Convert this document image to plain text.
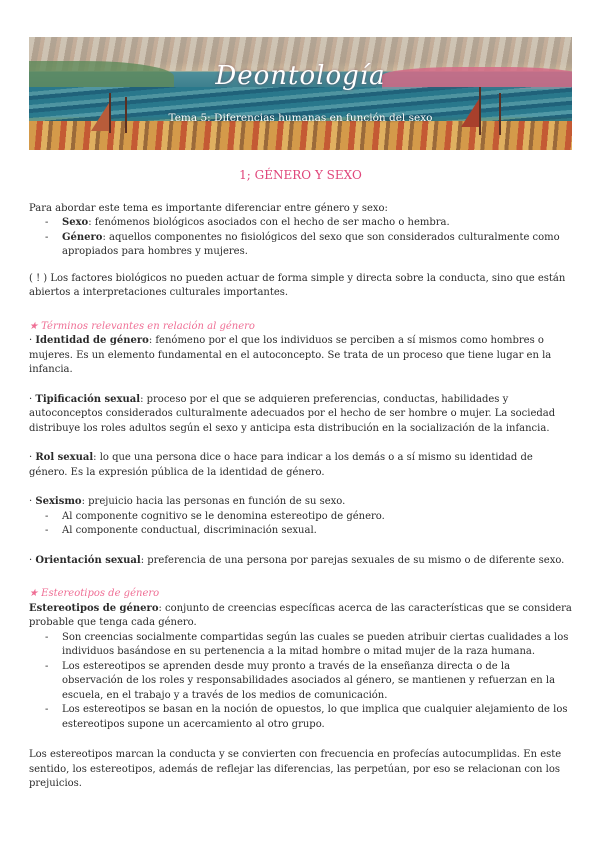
Deontología
Tema 5: Diferencias humanas en función del sexo
1; GÉNERO Y SEXO

Para abordar este tema es importante diferenciar entre género y sexo:

- Sexo: fenómenos biológicos asociados con el hecho de ser macho o hembra.
- Género: aquellos componentes no fisiológicos del sexo que son considerados culturalmente como apropiados para hombres y mujeres.

( ! ) Los factores biológicos no pueden actuar de forma simple y directa sobre la conducta, sino que están abiertos a interpretaciones culturales importantes.

★ Términos relevantes en relación al género

· Identidad de género: fenómeno por el que los individuos se perciben a sí mismos como hombres o mujeres. Es un elemento fundamental en el autoconcepto. Se trata de un proceso que tiene lugar en la infancia.

· Tipificación sexual: proceso por el que se adquieren preferencias, conductas, habilidades y autoconceptos considerados culturalmente adecuados por el hecho de ser hombre o mujer. La sociedad distribuye los roles adultos según el sexo y anticipa esta distribución en la socialización de la infancia.

· Rol sexual: lo que una persona dice o hace para indicar a los demás o a sí mismo su identidad de género. Es la expresión pública de la identidad de género.

· Sexismo: prejuicio hacia las personas en función de su sexo.

- Al componente cognitivo se le denomina estereotipo de género.
- Al componente conductual, discriminación sexual.

· Orientación sexual: preferencia de una persona por parejas sexuales de su mismo o de diferente sexo.

★ Estereotipos de género

Estereotipos de género: conjunto de creencias específicas acerca de las características que se considera probable que tenga cada género.

- Son creencias socialmente compartidas según las cuales se pueden atribuir ciertas cualidades a los individuos basándose en su pertenencia a la mitad hombre o mitad mujer de la raza humana.
- Los estereotipos se aprenden desde muy pronto a través de la enseñanza directa o de la observación de los roles y responsabilidades asociados al género, se mantienen y refuerzan en la escuela, en el trabajo y a través de los medios de comunicación.
- Los estereotipos se basan en la noción de opuestos, lo que implica que cualquier alejamiento de los estereotipos supone un acercamiento al otro grupo.

Los estereotipos marcan la conducta y se convierten con frecuencia en profecías autocumplidas. En este sentido, los estereotipos, además de reflejar las diferencias, las perpetúan, por eso se relacionan con los prejuicios.
